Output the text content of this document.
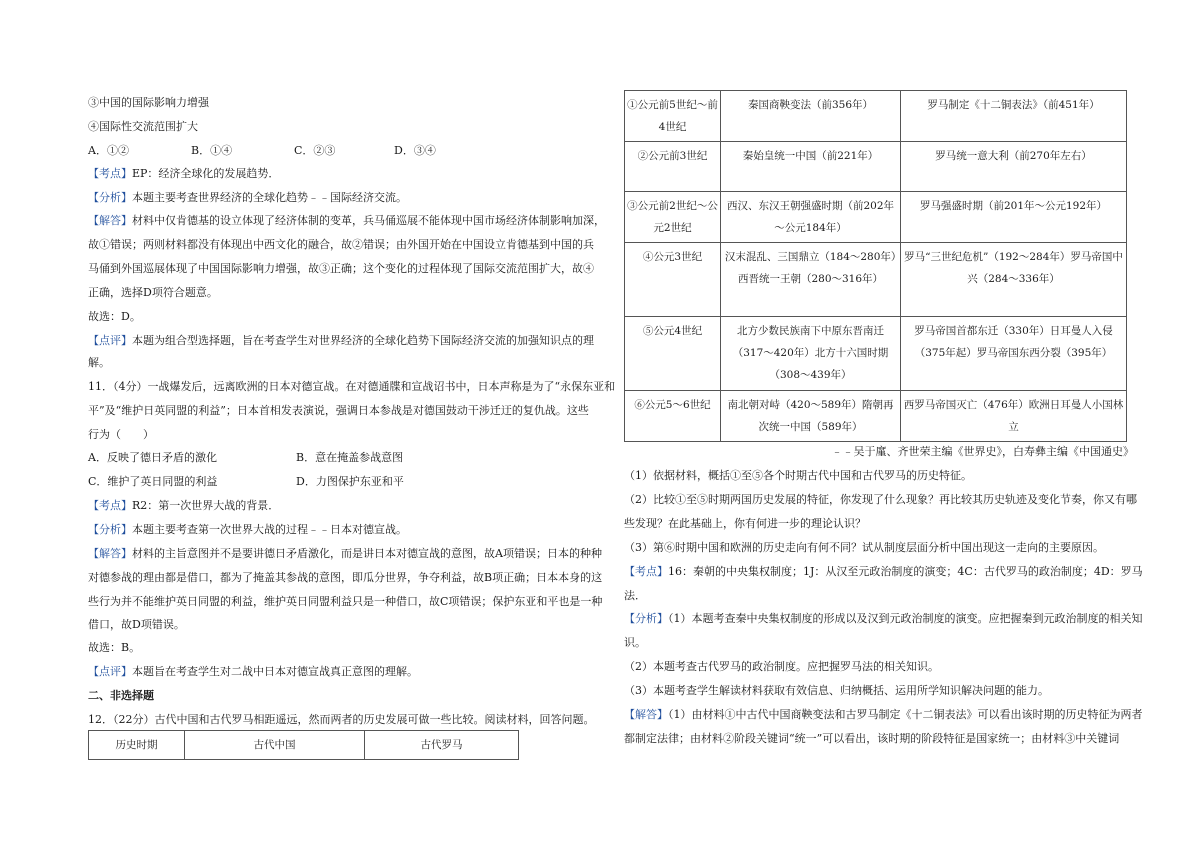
③中国的国际影响力增强
④国际性交流范围扩大
A．①②	B．①④	C．②③	D．③④
【考点】EP：经济全球化的发展趋势．
【分析】本题主要考查世界经济的全球化趋势﹣﹣国际经济交流。
【解答】材料中仅肯德基的设立体现了经济体制的变革，兵马俑巡展不能体现中国市场经济体制影响加深，
故①错误；两则材料都没有体现出中西文化的融合，故②错误；由外国开始在中国设立肯德基到中国的兵
马俑到外国巡展体现了中国国际影响力增强，故③正确；这个变化的过程体现了国际交流范围扩大，故④
正确，选择D项符合题意。
故选：D。
【点评】本题为组合型选择题，旨在考查学生对世界经济的全球化趋势下国际经济交流的加强知识点的理
解。
11．（4分）一战爆发后，远离欧洲的日本对德宣战。在对德通牒和宣战诏书中，日本声称是为了“永保东亚和
平”及“维护日英同盟的利益”；日本首相发表演说，强调日本参战是对德国鼓动干涉迁迂的复仇战。这些
行为（　　）
A．反映了德日矛盾的激化	B．意在掩盖参战意图
C．维护了英日同盟的利益	D．力图保护东亚和平
【考点】R2：第一次世界大战的背景．
【分析】本题主要考查第一次世界大战的过程﹣﹣日本对德宣战。
【解答】材料的主旨意图并不是要讲德日矛盾激化，而是讲日本对德宣战的意图，故A项错误；日本的种种
对德参战的理由都是借口，都为了掩盖其参战的意图，即瓜分世界，争夺利益，故B项正确；日本本身的这
些行为并不能维护英日同盟的利益，维护英日同盟利益只是一种借口，故C项错误；保护东亚和平也是一种
借口，故D项错误。
故选：B。
【点评】本题旨在考查学生对二战中日本对德宣战真正意图的理解。
二、非选择题
12．（22分）古代中国和古代罗马相距遥远，然而两者的历史发展可做一些比较。阅读材料，回答问题。
历史时期	古代中国	古代罗马
①公元前5世纪～前4世纪	秦国商鞅变法（前356年）	罗马制定《十二铜表法》（前451年）
②公元前3世纪	秦始皇统一中国（前221年）	罗马统一意大利（前270年左右）
③公元前2世纪～公元2世纪	西汉、东汉王朝强盛时期（前202年～公元184年）	罗马强盛时期（前201年～公元192年）
④公元3世纪	汉末混乱、三国鼎立（184～280年）西晋统一王朝（280～316年）	罗马“三世纪危机”（192～284年）罗马帝国中兴（284～336年）
⑤公元4世纪	北方少数民族南下中原东晋南迁（317～420年）北方十六国时期（308～439年）	罗马帝国首都东迁（330年）日耳曼人入侵（375年起）罗马帝国东西分裂（395年）
⑥公元5～6世纪	南北朝对峙（420～589年）隋朝再次统一中国（589年）	西罗马帝国灭亡（476年）欧洲日耳曼人小国林立
﹣﹣吴于廑、齐世荣主编《世界史》，白寿彝主编《中国通史》
（1）依据材料，概括①至⑤各个时期古代中国和古代罗马的历史特征。
（2）比较①至⑤时期两国历史发展的特征，你发现了什么现象？再比较其历史轨迹及变化节奏，你又有哪
些发现？在此基础上，你有何进一步的理论认识？
（3）第⑥时期中国和欧洲的历史走向有何不同？试从制度层面分析中国出现这一走向的主要原因。
【考点】16：秦朝的中央集权制度；1J：从汉至元政治制度的演变；4C：古代罗马的政治制度；4D：罗马
法．
【分析】（1）本题考查秦中央集权制度的形成以及汉到元政治制度的演变。应把握秦到元政治制度的相关知
识。
（2）本题考查古代罗马的政治制度。应把握罗马法的相关知识。
（3）本题考查学生解读材料获取有效信息、归纳概括、运用所学知识解决问题的能力。
【解答】（1）由材料①中古代中国商鞅变法和古罗马制定《十二铜表法》可以看出该时期的历史特征为两者
都制定法律；由材料②阶段关键词“统一”可以看出，该时期的阶段特征是国家统一；由材料③中关键词
